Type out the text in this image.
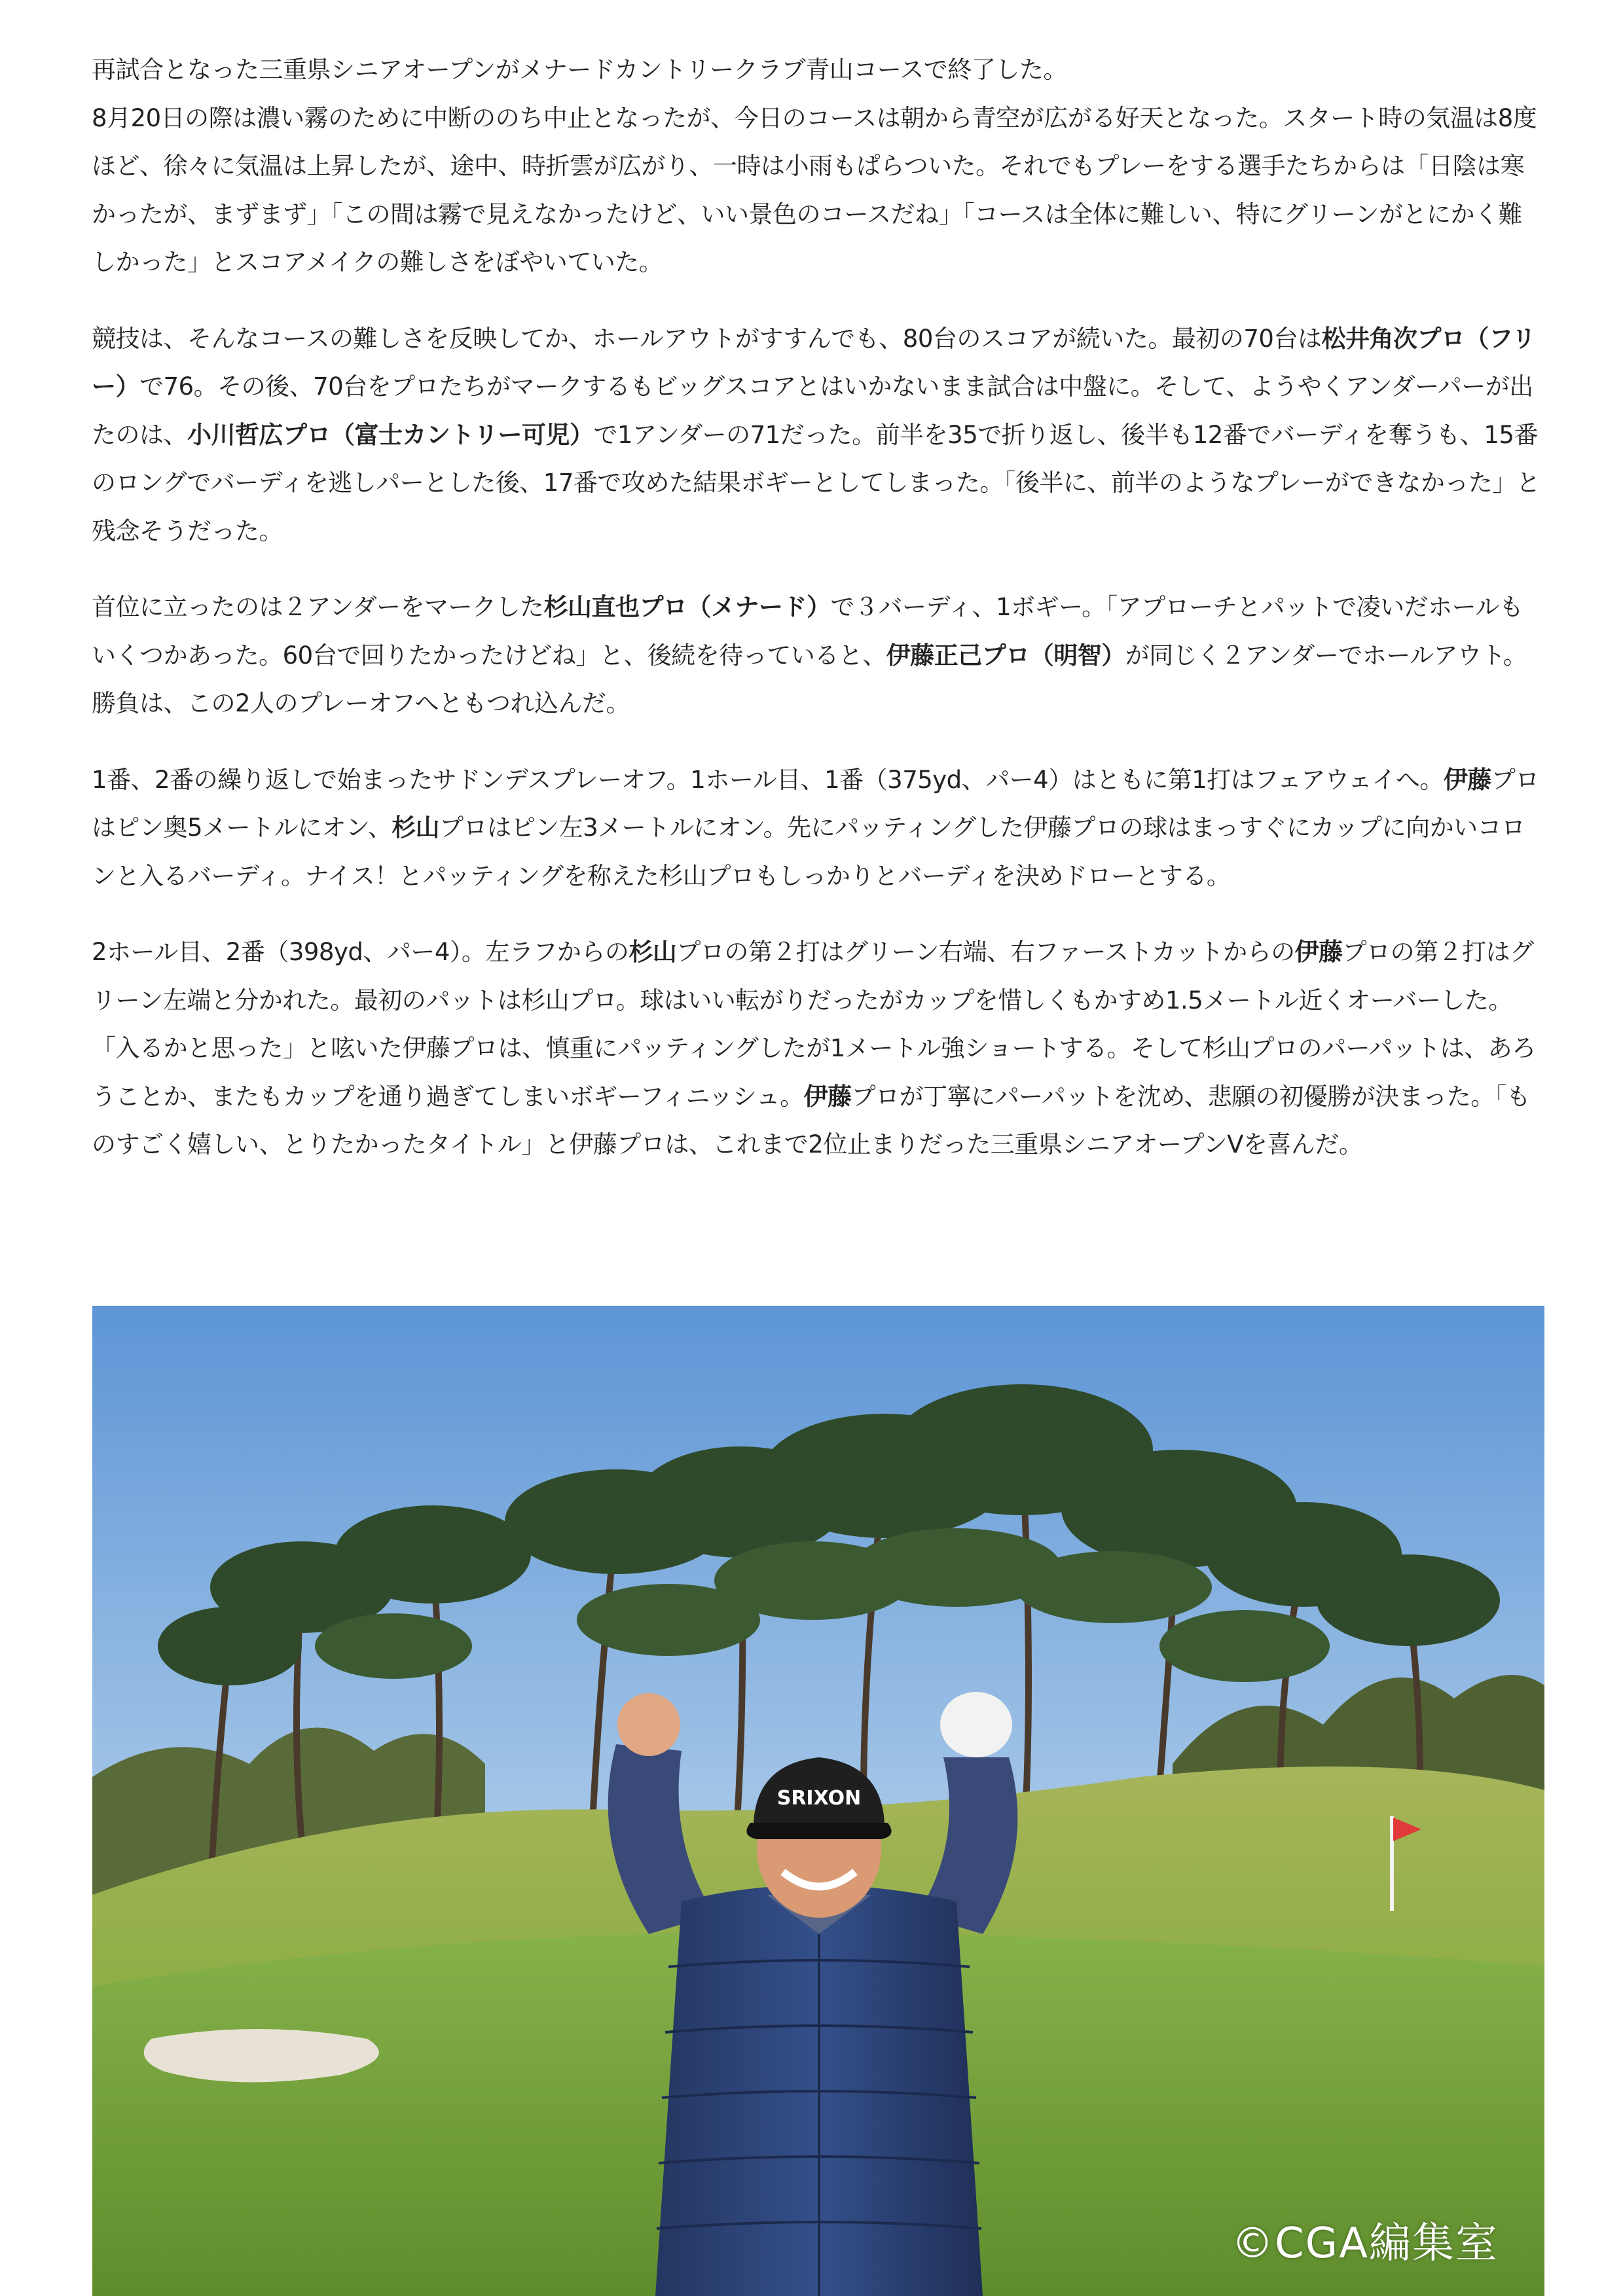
再試合となった三重県シニアオープンがメナードカントリークラブ青山コースで終了した。
8月20日の際は濃い霧のために中断ののち中止となったが、今日のコースは朝から青空が広がる好天となった。スタート時の気温は8度ほど、徐々に気温は上昇したが、途中、時折雲が広がり、一時は小雨もぱらついた。それでもプレーをする選手たちからは「日陰は寒かったが、まずまず」「この間は霧で見えなかったけど、いい景色のコースだね」「コースは全体に難しい、特にグリーンがとにかく難しかった」とスコアメイクの難しさをぼやいていた。

競技は、そんなコースの難しさを反映してか、ホールアウトがすすんでも、80台のスコアが続いた。最初の70台は松井角次プロ（フリー）で76。その後、70台をプロたちがマークするもビッグスコアとはいかないまま試合は中盤に。そして、ようやくアンダーパーが出たのは、小川哲広プロ（富士カントリー可児）で1アンダーの71だった。前半を35で折り返し、後半も12番でバーディを奪うも、15番のロングでバーディを逃しパーとした後、17番で攻めた結果ボギーとしてしまった。「後半に、前半のようなプレーができなかった」と残念そうだった。

首位に立ったのは２アンダーをマークした杉山直也プロ（メナード）で３バーディ、1ボギー。「アプローチとパットで凌いだホールもいくつかあった。60台で回りたかったけどね」と、後続を待っていると、伊藤正己プロ（明智）が同じく２アンダーでホールアウト。勝負は、この2人のプレーオフへともつれ込んだ。

1番、2番の繰り返しで始まったサドンデスプレーオフ。1ホール目、1番（375yd、パー4）はともに第1打はフェアウェイへ。伊藤プロはピン奥5メートルにオン、杉山プロはピン左3メートルにオン。先にパッティングした伊藤プロの球はまっすぐにカップに向かいコロンと入るバーディ。ナイス！とパッティングを称えた杉山プロもしっかりとバーディを決めドローとする。

2ホール目、2番（398yd、パー4）。左ラフからの杉山プロの第２打はグリーン右端、右ファーストカットからの伊藤プロの第２打はグリーン左端と分かれた。最初のパットは杉山プロ。球はいい転がりだったがカップを惜しくもかすめ1.5メートル近くオーバーした。「入るかと思った」と呟いた伊藤プロは、慎重にパッティングしたが1メートル強ショートする。そして杉山プロのパーパットは、あろうことか、またもカップを通り過ぎてしまいボギーフィニッシュ。伊藤プロが丁寧にパーパットを沈め、悲願の初優勝が決まった。「ものすごく嬉しい、とりたかったタイトル」と伊藤プロは、これまで2位止まりだった三重県シニアオープンVを喜んだ。

SRIXON
©CGA編集室
